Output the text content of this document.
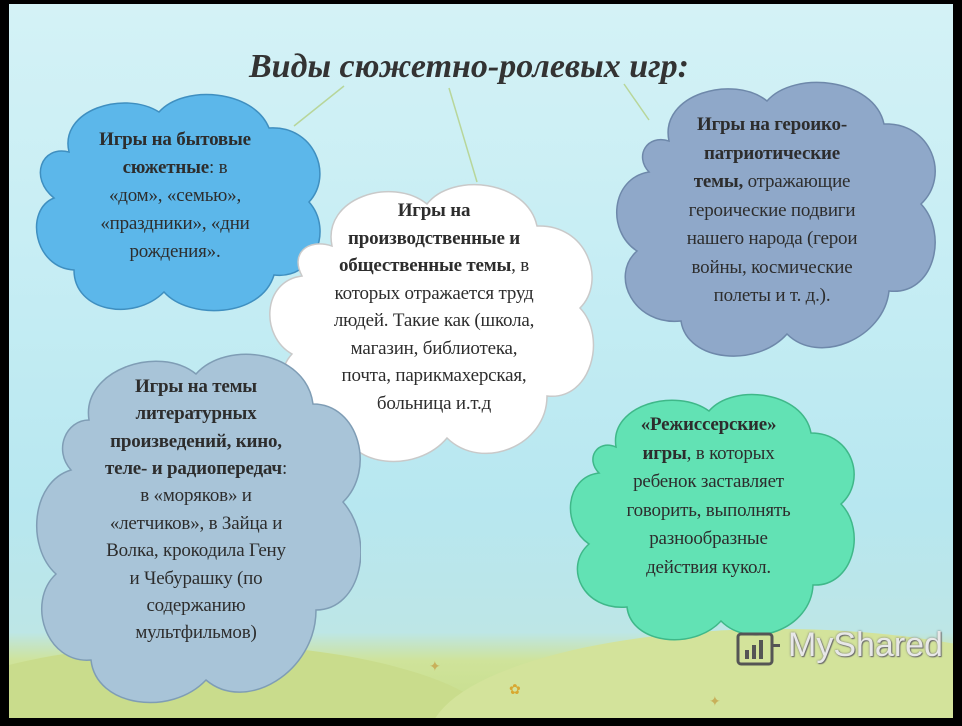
✦
✿
✦
Виды сюжетно-ролевых игр:
Игры на бытовые
сюжетные: в
«дом», «семью»,
«праздники», «дни
рождения».
Игры на
производственные и
общественные темы, в
которых отражается труд
людей. Такие как (школа,
магазин, библиотека,
почта, парикмахерская,
больница и.т.д
Игры на героико-
патриотические
темы, отражающие
героические подвиги
нашего народа (герои
войны, космические
полеты и т. д.).
Игры на темы
литературных
произведений, кино,
теле- и радиопередач:
в «моряков» и
«летчиков», в Зайца и
Волка, крокодила Гену
и Чебурашку (по
содержанию
мультфильмов)
«Режиссерские»
игры, в которых
ребенок заставляет
говорить, выполнять
разнообразные
действия кукол.
MyShared
